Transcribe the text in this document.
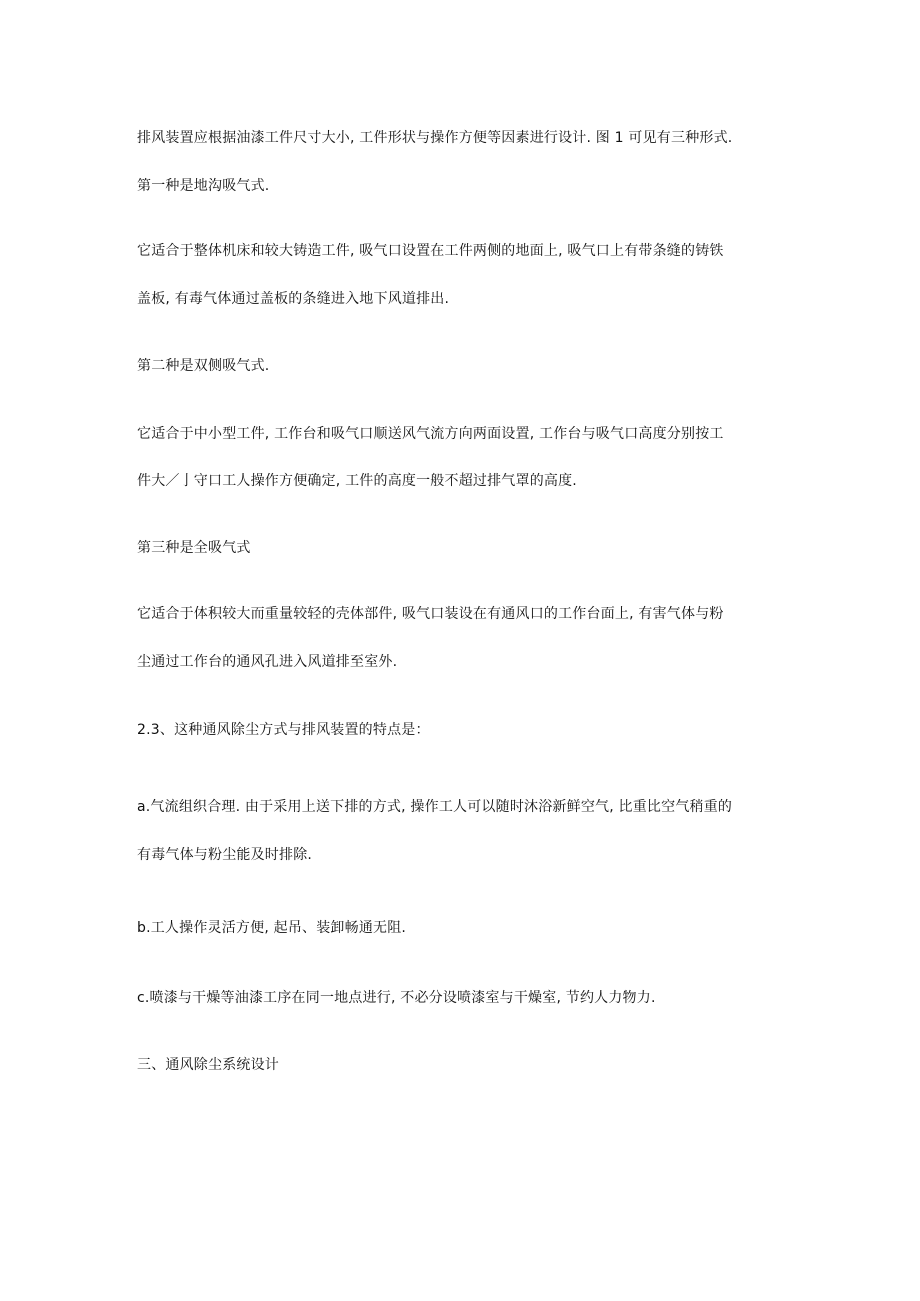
排风装置应根据油漆工件尺寸大小, 工件形状与操作方便等因素进行设计. 图 1 可见有三种形式.
第一种是地沟吸气式.
它适合于整体机床和较大铸造工件, 吸气口设置在工件两侧的地面上, 吸气口上有带条缝的铸铁
盖板, 有毒气体通过盖板的条缝进入地下风道排出.
第二种是双侧吸气式.
它适合于中小型工件, 工作台和吸气口顺送风气流方向两面设置, 工作台与吸气口高度分别按工
件大／亅守口工人操作方便确定, 工件的高度一般不超过排气罩的高度.
第三种是全吸气式
它适合于体积较大而重量较轻的壳体部件, 吸气口装设在有通风口的工作台面上, 有害气体与粉
尘通过工作台的通风孔进入风道排至室外.
2.3、这种通风除尘方式与排风装置的特点是：
a.气流组织合理. 由于采用上送下排的方式, 操作工人可以随时沐浴新鲜空气, 比重比空气稍重的
有毒气体与粉尘能及时排除.
b.工人操作灵活方便, 起吊、装卸畅通无阻.
c.喷漆与干燥等油漆工序在同一地点进行, 不必分设喷漆室与干燥室, 节约人力物力.
三、通风除尘系统设计
